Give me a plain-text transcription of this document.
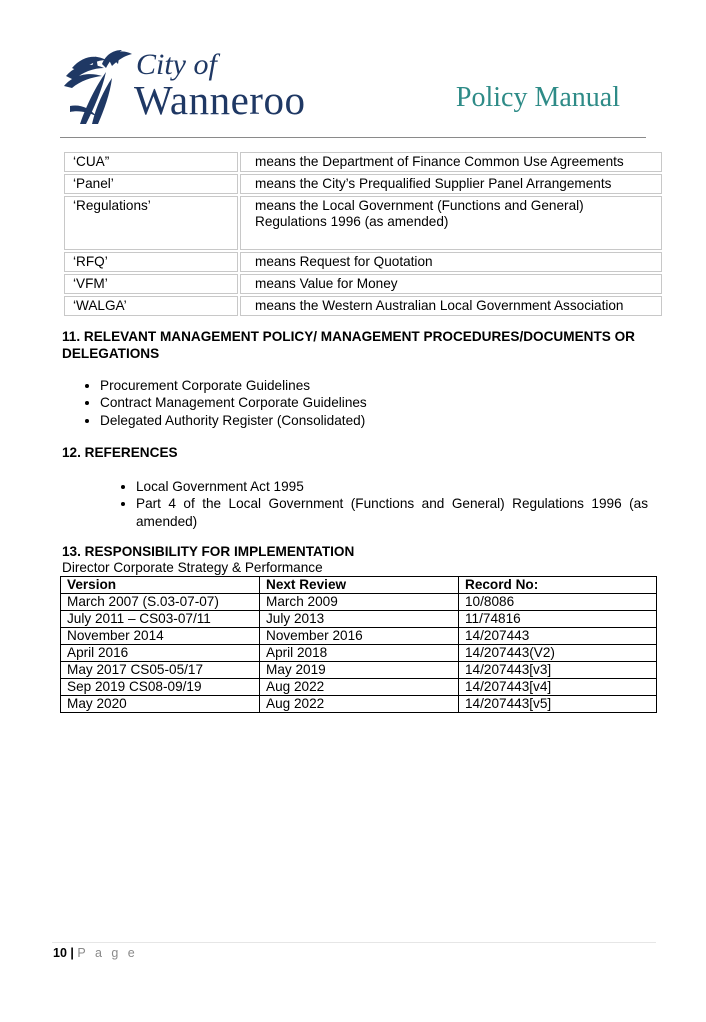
City of
Wanneroo	Policy Manual
‘CUA”	means the Department of Finance Common Use Agreements
‘Panel’	means the City’s Prequalified Supplier Panel Arrangements
‘Regulations’	means the Local Government (Functions and General) Regulations 1996 (as amended)
‘RFQ’	means Request for Quotation
‘VFM’	means Value for Money
‘WALGA’	means the Western Australian Local Government Association
11. RELEVANT MANAGEMENT POLICY/ MANAGEMENT PROCEDURES/DOCUMENTS OR DELEGATIONS
• Procurement Corporate Guidelines
• Contract Management Corporate Guidelines
• Delegated Authority Register (Consolidated)
12. REFERENCES
• Local Government Act 1995
• Part 4 of the Local Government (Functions and General) Regulations 1996 (as amended)
13. RESPONSIBILITY FOR IMPLEMENTATION
Director Corporate Strategy & Performance
Version	Next Review	Record No:
March 2007 (S.03-07-07)	March 2009	10/8086
July 2011 – CS03-07/11	July 2013	11/74816
November 2014	November 2016	14/207443
April 2016	April 2018	14/207443(V2)
May 2017 CS05-05/17	May 2019	14/207443[v3]
Sep 2019 CS08-09/19	Aug 2022	14/207443[v4]
May 2020	Aug 2022	14/207443[v5]
10 | P a g e
